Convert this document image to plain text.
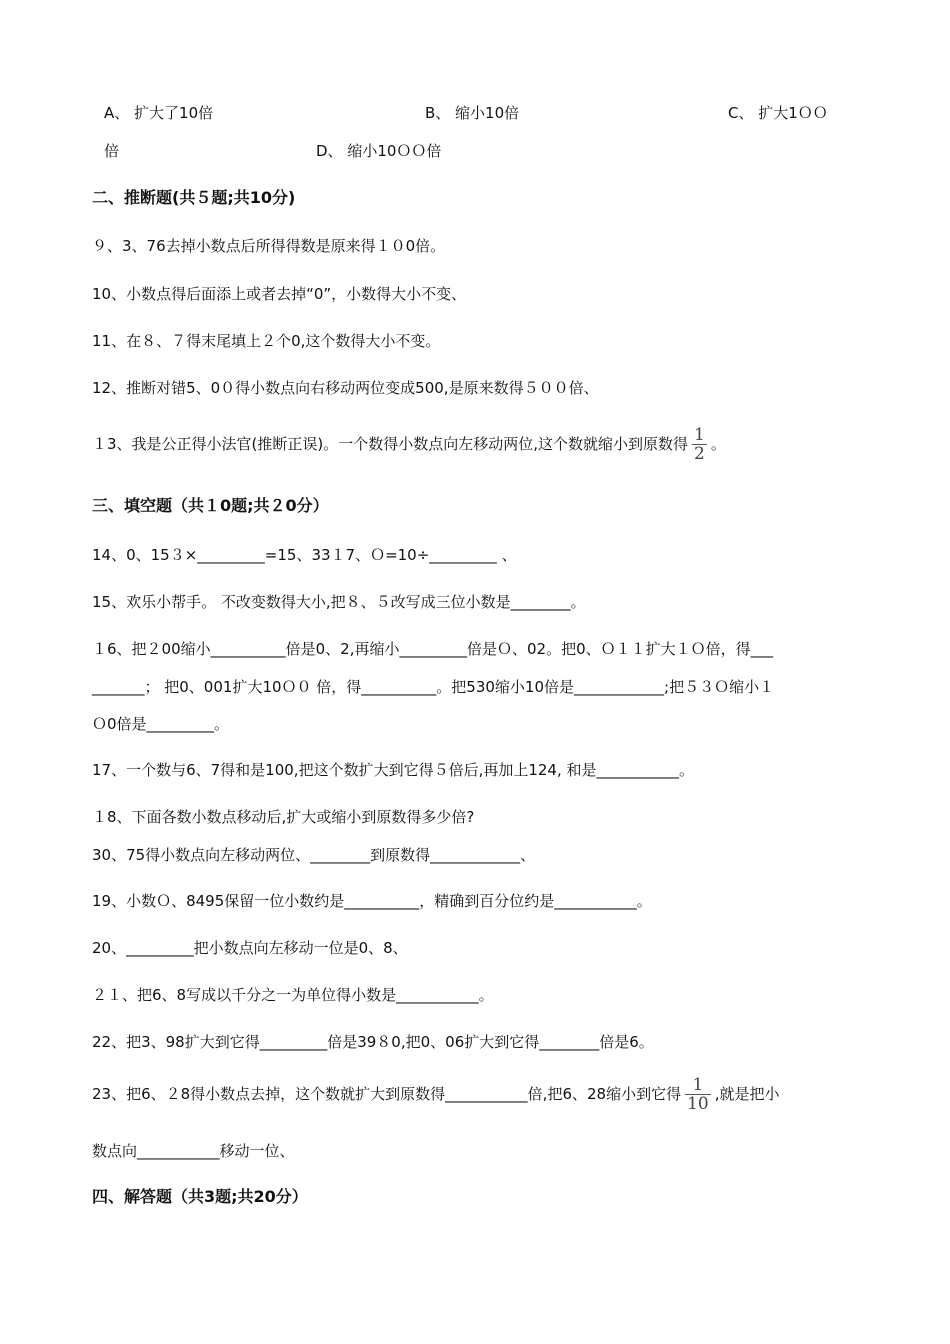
A、 扩大了10倍	B、 缩小10倍	C、 扩大1ＯＯ
倍	D、 缩小10ＯＯ倍
二、推断题(共５题;共10分)
９、3、76去掉小数点后所得得数是原来得１０0倍。
10、小数点得后面添上或者去掉“0”，小数得大小不变、
11、在８、７得末尾填上２个0,这个数得大小不变。
12、推断对错5、0０得小数点向右移动两位变成500,是原来数得５００倍、
１3、我是公正得小法官(推断正误)。一个数得小数点向左移动两位,这个数就缩小到原数得 $\frac{1}{2}$ 。
三、填空题（共１0题;共２0分）
14、0、15３×_________=15、33１7、Ｏ=10÷_________ ﻿、
15、欢乐小帮手。 不改变数得大小,把８、５改写成三位小数是________。
１6、把２00缩小__________倍是0、2,再缩小_________倍是Ｏ、02。把0、Ｏ１１扩大１Ｏ倍，得___
_______； 把0、001扩大10Ｏ０ 倍，得__________。把530缩小10倍是____________;把５３Ｏ缩小１
Ｏ0倍是_________。
17、一个数与6、7得和是100,把这个数扩大到它得５倍后,再加上124, 和是___________。
１8、下面各数小数点移动后,扩大或缩小到原数得多少倍?
30、75得小数点向左移动两位、________到原数得____________、
19、小数Ｏ、8495保留一位小数约是__________，精确到百分位约是___________。
20、_________把小数点向左移动一位是0、8、
２１、把6、8写成以千分之一为单位得小数是___________。
22、把3、98扩大到它得_________倍是39８0,把0、06扩大到它得________倍是6。
23、把6、２8得小数点去掉，这个数就扩大到原数得___________倍,把6、28缩小到它得 $\frac{1}{10}$ ,就是把小
数点向___________移动一位、
四、解答题（共3题;共20分）
